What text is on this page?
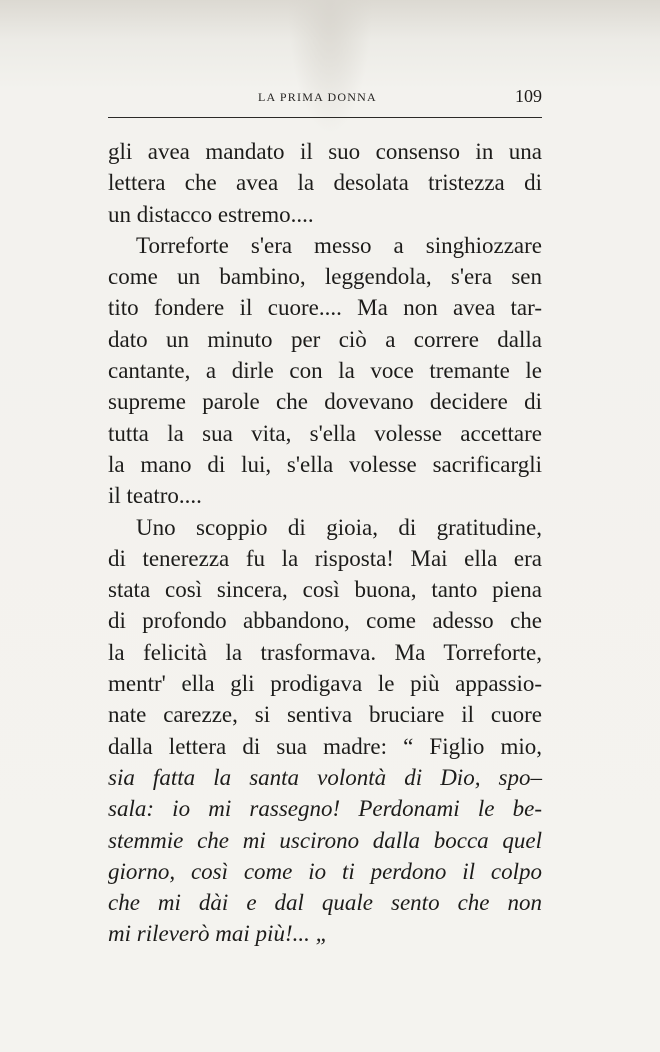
LA PRIMA DONNA	109
gli avea mandato il suo consenso in una
lettera che avea la desolata tristezza di
un distacco estremo....
Torreforte s'era messo a singhiozzare
come un bambino, leggendola, s'era sen
tito fondere il cuore.... Ma non avea tar-
dato un minuto per ciò a correre dalla
cantante, a dirle con la voce tremante le
supreme parole che dovevano decidere di
tutta la sua vita, s'ella volesse accettare
la mano di lui, s'ella volesse sacrificargli
il teatro....
Uno scoppio di gioia, di gratitudine,
di tenerezza fu la risposta! Mai ella era
stata così sincera, così buona, tanto piena
di profondo abbandono, come adesso che
la felicità la trasformava. Ma Torreforte,
mentr' ella gli prodigava le più appassio-
nate carezze, si sentiva bruciare il cuore
dalla lettera di sua madre: “ Figlio mio,
sia fatta la santa volontà di Dio, spo–
sala: io mi rassegno! Perdonami le be-
stemmie che mi uscirono dalla bocca quel
giorno, così come io ti perdono il colpo
che mi dài e dal quale sento che non
mi rileverò mai più!... „
